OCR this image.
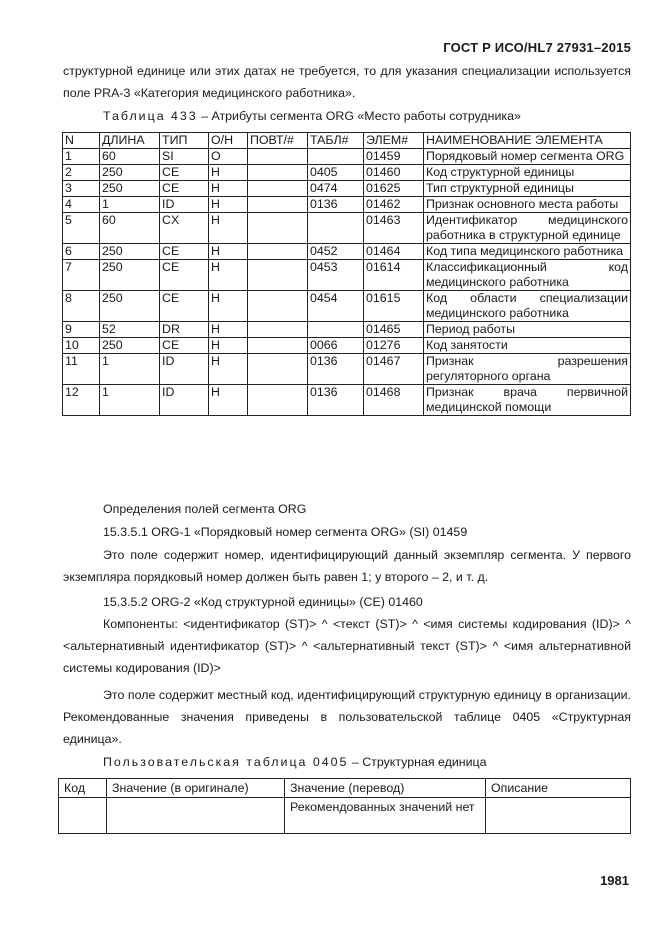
ГОСТ Р ИСО/HL7 27931–2015

структурной единице или этих датах не требуется, то для указания специализации используется поле PRA-3 «Категория медицинского работника».

Таблица 433 – Атрибуты сегмента ORG «Место работы сотрудника»
N	ДЛИНА	ТИП	О/Н	ПОВТ/#	ТАБЛ#	ЭЛЕМ#	НАИМЕНОВАНИЕ ЭЛЕМЕНТА
1	60	SI	О			01459	Порядковый номер сегмента ORG
2	250	CE	Н		0405	01460	Код структурной единицы
3	250	CE	Н		0474	01625	Тип структурной единицы
4	1	ID	Н		0136	01462	Признак основного места работы
5	60	CX	Н			01463	Идентификатор медицинского работника в структурной единице
6	250	CE	Н		0452	01464	Код типа медицинского работника
7	250	CE	Н		0453	01614	Классификационный код медицинского работника
8	250	CE	Н		0454	01615	Код области специализации медицинского работника
9	52	DR	Н			01465	Период работы
10	250	CE	Н		0066	01276	Код занятости
11	1	ID	Н		0136	01467	Признак разрешения регуляторного органа
12	1	ID	Н		0136	01468	Признак врача первичной медицинской помощи
Определения полей сегмента ORG
15.3.5.1 ORG-1 «Порядковый номер сегмента ORG» (SI) 01459

Это поле содержит номер, идентифицирующий данный экземпляр сегмента. У первого экземпляра порядковый номер должен быть равен 1; у второго – 2, и т. д.

15.3.5.2 ORG-2 «Код структурной единицы» (CE) 01460

Компоненты: <идентификатор (ST)> ^ <текст (ST)> ^ <имя системы кодирования (ID)> ^ <альтернативный идентификатор (ST)> ^ <альтернативный текст (ST)> ^ <имя альтернативной системы кодирования (ID)>

Это поле содержит местный код, идентифицирующий структурную единицу в организации. Рекомендованные значения приведены в пользовательской таблице 0405 «Структурная единица».

Пользовательская таблица 0405 – Структурная единица
Код	Значение (в оригинале)	Значение (перевод)	Описание
		Рекомендованных значений нет	
1981
